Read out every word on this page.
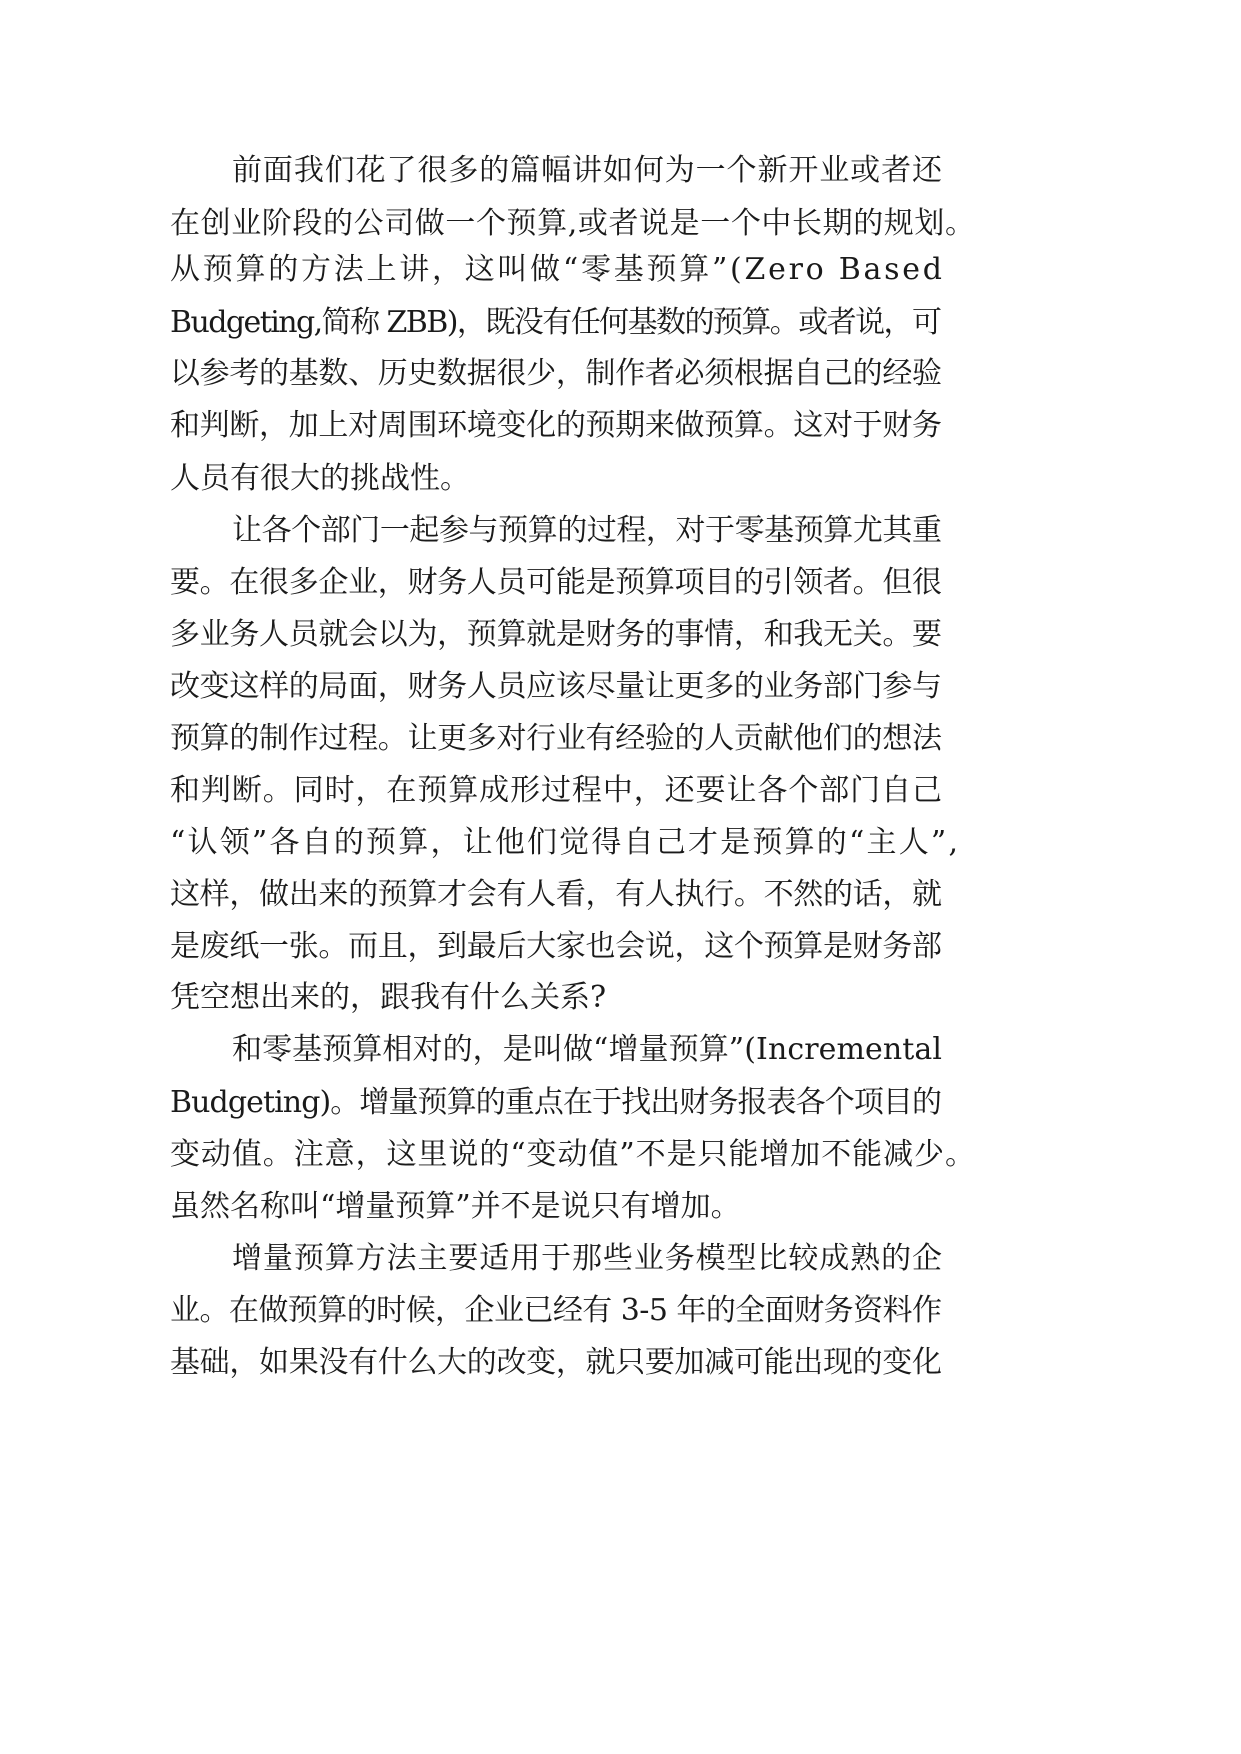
前面我们花了很多的篇幅讲如何为一个新开业或者还
在创业阶段的公司做一个预算,或者说是一个中长期的规划。
从预算的方法上讲，这叫做“零基预算”(Zero Based
Budgeting,简称 ZBB)，既没有任何基数的预算。或者说，可
以参考的基数、历史数据很少，制作者必须根据自己的经验
和判断，加上对周围环境变化的预期来做预算。这对于财务
人员有很大的挑战性。
让各个部门一起参与预算的过程，对于零基预算尤其重
要。在很多企业，财务人员可能是预算项目的引领者。但很
多业务人员就会以为，预算就是财务的事情，和我无关。要
改变这样的局面，财务人员应该尽量让更多的业务部门参与
预算的制作过程。让更多对行业有经验的人贡献他们的想法
和判断。同时，在预算成形过程中，还要让各个部门自己
“认领”各自的预算，让他们觉得自己才是预算的“主人”,
这样，做出来的预算才会有人看，有人执行。不然的话，就
是废纸一张。而且，到最后大家也会说，这个预算是财务部
凭空想出来的，跟我有什么关系?
和零基预算相对的，是叫做“增量预算”(Incremental
Budgeting)。增量预算的重点在于找出财务报表各个项目的
变动值。注意，这里说的“变动值”不是只能增加不能减少。
虽然名称叫“增量预算”并不是说只有增加。
增量预算方法主要适用于那些业务模型比较成熟的企
业。在做预算的时候，企业已经有 3-5 年的全面财务资料作
基础，如果没有什么大的改变，就只要加减可能出现的变化
